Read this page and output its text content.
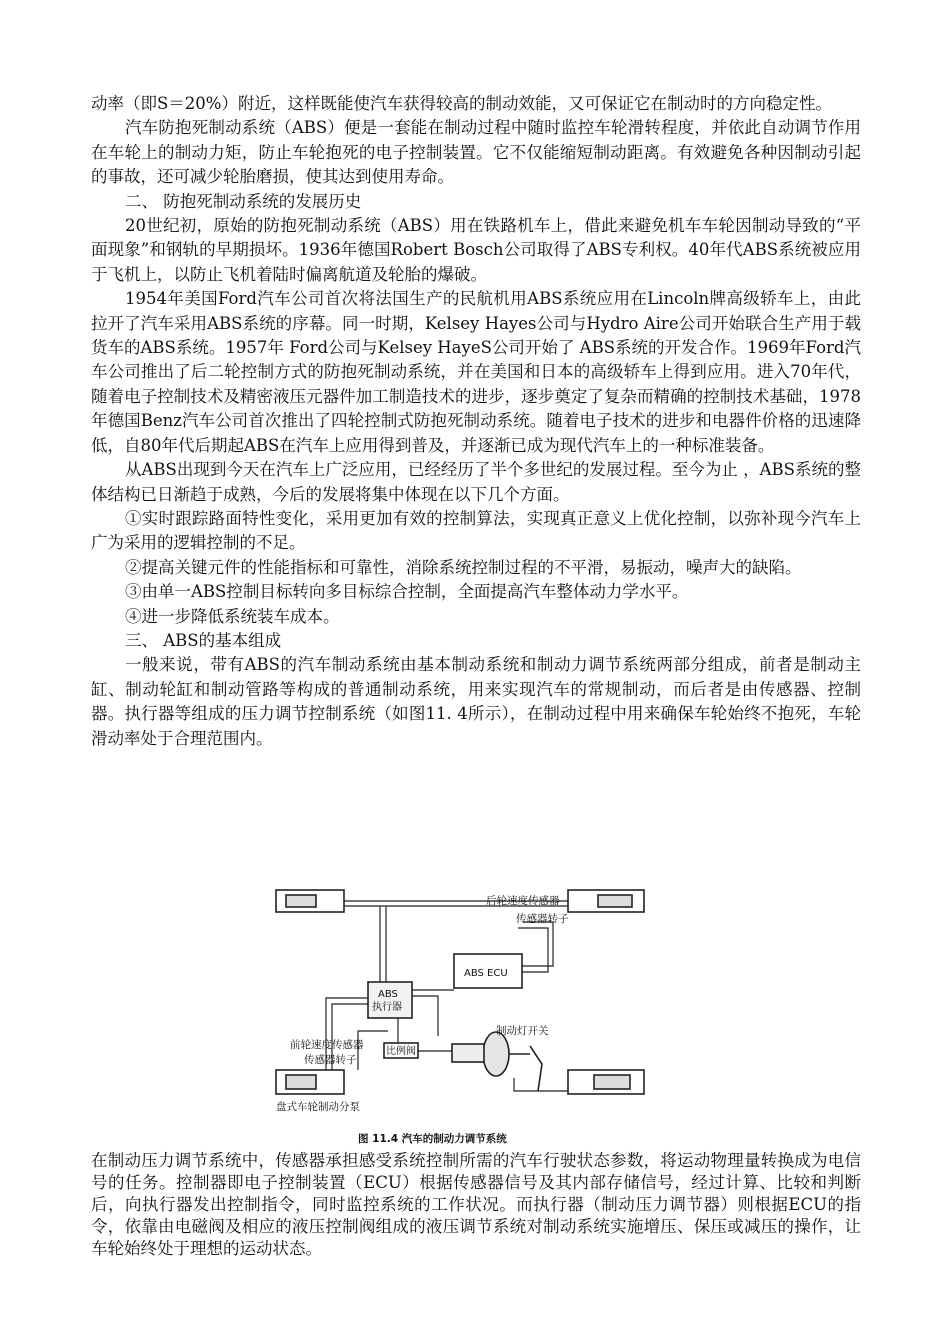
动率（即S＝20%）附近，这样既能使汽车获得较高的制动效能，又可保证它在制动时的方向稳定性。

汽车防抱死制动系统（ABS）便是一套能在制动过程中随时监控车轮滑转程度，并依此自动调节作用在车轮上的制动力矩，防止车轮抱死的电子控制装置。它不仅能缩短制动距离。有效避免各种因制动引起的事故，还可减少轮胎磨损，使其达到使用寿命。

二、 防抱死制动系统的发展历史

20世纪初，原始的防抱死制动系统（ABS）用在铁路机车上，借此来避免机车车轮因制动导致的“平面现象”和钢轨的早期损坏。1936年德国Robert Bosch公司取得了ABS专利权。40年代ABS系统被应用于飞机上，以防止飞机着陆时偏离航道及轮胎的爆破。

1954年美国Ford汽车公司首次将法国生产的民航机用ABS系统应用在Lincoln牌高级轿车上，由此拉开了汽车采用ABS系统的序幕。同一时期，Kelsey Hayes公司与Hydro Aire公司开始联合生产用于载货车的ABS系统。1957年 Ford公司与Kelsey HayeS公司开始了 ABS系统的开发合作。1969年Ford汽车公司推出了后二轮控制方式的防抱死制动系统，并在美国和日本的高级轿车上得到应用。进入70年代，随着电子控制技术及精密液压元器件加工制造技术的进步，逐步奠定了复杂而精确的控制技术基础，1978年德国Benz汽车公司首次推出了四轮控制式防抱死制动系统。随着电子技术的进步和电器件价格的迅速降低，自80年代后期起ABS在汽车上应用得到普及，并逐渐已成为现代汽车上的一种标准装备。

从ABS出现到今天在汽车上广泛应用，已经经历了半个多世纪的发展过程。至今为止 ，ABS系统的整体结构已日渐趋于成熟，今后的发展将集中体现在以下几个方面。

①实时跟踪路面特性变化，采用更加有效的控制算法，实现真正意义上优化控制，以弥补现今汽车上广为采用的逻辑控制的不足。

②提高关键元件的性能指标和可靠性，消除系统控制过程的不平滑，易振动，噪声大的缺陷。

③由单一ABS控制目标转向多目标综合控制，全面提高汽车整体动力学水平。

④进一步降低系统装车成本。

三、 ABS的基本组成

一般来说，带有ABS的汽车制动系统由基本制动系统和制动力调节系统两部分组成，前者是制动主缸、制动轮缸和制动管路等构成的普通制动系统，用来实现汽车的常规制动，而后者是由传感器、控制器。执行器等组成的压力调节控制系统（如图11. 4所示），在制动过程中用来确保车轮始终不抱死，车轮滑动率处于合理范围内。

后轮速度传感器
传感器转子
ABS ECU
ABS
执行器
前轮速度传感器
传感器转子
比例阀
制动灯开关
盘式车轮制动分泵
图 11.4 汽车的制动力调节系统

在制动压力调节系统中，传感器承担感受系统控制所需的汽车行驶状态参数，将运动物理量转换成为电信号的任务。控制器即电子控制装置（ECU）根据传感器信号及其内部存储信号，经过计算、比较和判断后，向执行器发出控制指令，同时监控系统的工作状况。而执行器（制动压力调节器）则根据ECU的指令，依靠由电磁阀及相应的液压控制阀组成的液压调节系统对制动系统实施增压、保压或减压的操作，让车轮始终处于理想的运动状态。
